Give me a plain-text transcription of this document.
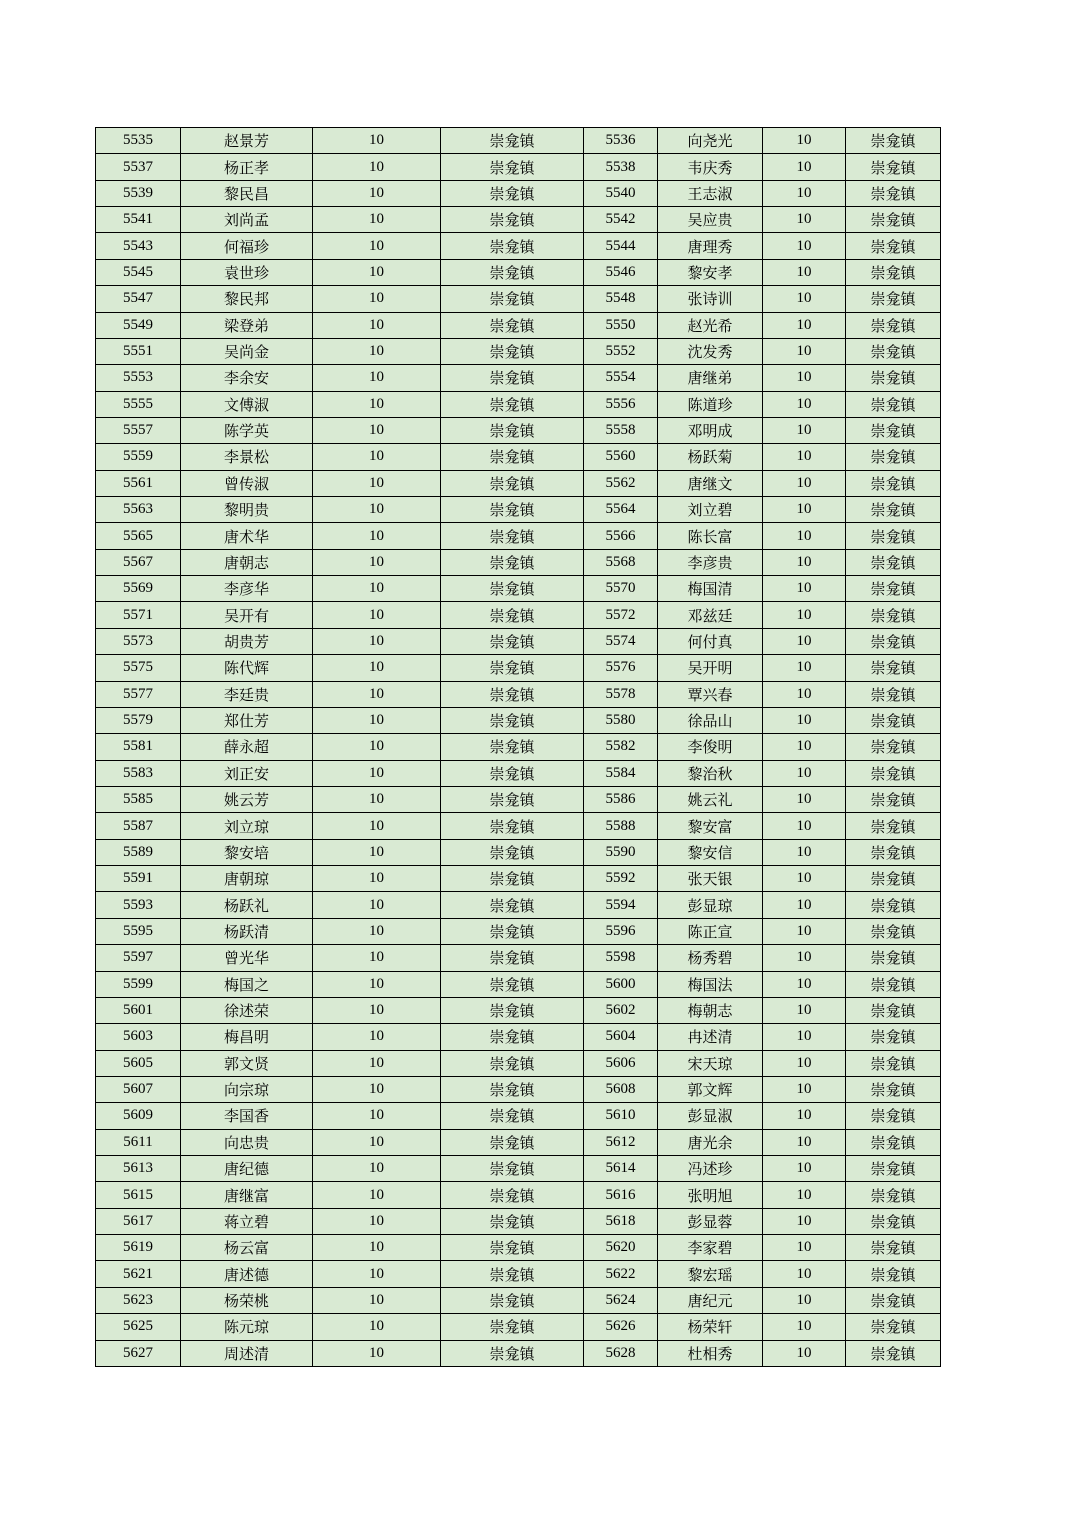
5535	赵景芳	10	崇龛镇	5536	向尧光	10	崇龛镇
5537	杨正孝	10	崇龛镇	5538	韦庆秀	10	崇龛镇
5539	黎民昌	10	崇龛镇	5540	王志淑	10	崇龛镇
5541	刘尚孟	10	崇龛镇	5542	吴应贵	10	崇龛镇
5543	何福珍	10	崇龛镇	5544	唐理秀	10	崇龛镇
5545	袁世珍	10	崇龛镇	5546	黎安孝	10	崇龛镇
5547	黎民邦	10	崇龛镇	5548	张诗训	10	崇龛镇
5549	梁登弟	10	崇龛镇	5550	赵光希	10	崇龛镇
5551	吴尚金	10	崇龛镇	5552	沈发秀	10	崇龛镇
5553	李余安	10	崇龛镇	5554	唐继弟	10	崇龛镇
5555	文傅淑	10	崇龛镇	5556	陈道珍	10	崇龛镇
5557	陈学英	10	崇龛镇	5558	邓明成	10	崇龛镇
5559	李景松	10	崇龛镇	5560	杨跃菊	10	崇龛镇
5561	曾传淑	10	崇龛镇	5562	唐继文	10	崇龛镇
5563	黎明贵	10	崇龛镇	5564	刘立碧	10	崇龛镇
5565	唐术华	10	崇龛镇	5566	陈长富	10	崇龛镇
5567	唐朝志	10	崇龛镇	5568	李彦贵	10	崇龛镇
5569	李彦华	10	崇龛镇	5570	梅国清	10	崇龛镇
5571	吴开有	10	崇龛镇	5572	邓兹廷	10	崇龛镇
5573	胡贵芳	10	崇龛镇	5574	何付真	10	崇龛镇
5575	陈代辉	10	崇龛镇	5576	吴开明	10	崇龛镇
5577	李廷贵	10	崇龛镇	5578	覃兴春	10	崇龛镇
5579	郑仕芳	10	崇龛镇	5580	徐品山	10	崇龛镇
5581	薛永超	10	崇龛镇	5582	李俊明	10	崇龛镇
5583	刘正安	10	崇龛镇	5584	黎治秋	10	崇龛镇
5585	姚云芳	10	崇龛镇	5586	姚云礼	10	崇龛镇
5587	刘立琼	10	崇龛镇	5588	黎安富	10	崇龛镇
5589	黎安培	10	崇龛镇	5590	黎安信	10	崇龛镇
5591	唐朝琼	10	崇龛镇	5592	张天银	10	崇龛镇
5593	杨跃礼	10	崇龛镇	5594	彭显琼	10	崇龛镇
5595	杨跃清	10	崇龛镇	5596	陈正宣	10	崇龛镇
5597	曾光华	10	崇龛镇	5598	杨秀碧	10	崇龛镇
5599	梅国之	10	崇龛镇	5600	梅国法	10	崇龛镇
5601	徐述荣	10	崇龛镇	5602	梅朝志	10	崇龛镇
5603	梅昌明	10	崇龛镇	5604	冉述清	10	崇龛镇
5605	郭文贤	10	崇龛镇	5606	宋天琼	10	崇龛镇
5607	向宗琼	10	崇龛镇	5608	郭文辉	10	崇龛镇
5609	李国香	10	崇龛镇	5610	彭显淑	10	崇龛镇
5611	向忠贵	10	崇龛镇	5612	唐光余	10	崇龛镇
5613	唐纪德	10	崇龛镇	5614	冯述珍	10	崇龛镇
5615	唐继富	10	崇龛镇	5616	张明旭	10	崇龛镇
5617	蒋立碧	10	崇龛镇	5618	彭显蓉	10	崇龛镇
5619	杨云富	10	崇龛镇	5620	李家碧	10	崇龛镇
5621	唐述德	10	崇龛镇	5622	黎宏瑶	10	崇龛镇
5623	杨荣桃	10	崇龛镇	5624	唐纪元	10	崇龛镇
5625	陈元琼	10	崇龛镇	5626	杨荣轩	10	崇龛镇
5627	周述清	10	崇龛镇	5628	杜相秀	10	崇龛镇
